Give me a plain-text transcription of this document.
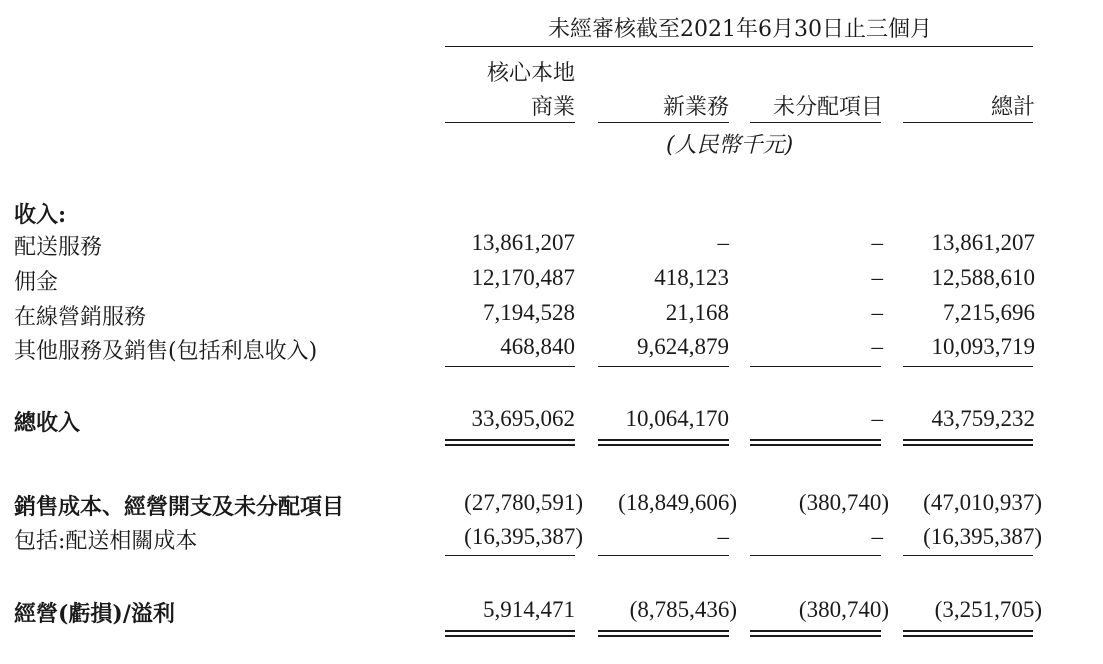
未經審核截至2021年6月30日止三個月
核心本地
商業	新業務 未分配項目	總計
(人民幣千元)
收入:
配送服務	13,861,207	–	– 13,861,207
佣金	12,170,487	418,123	– 12,588,610
在線營銷服務	7,194,528	21,168	–	7,215,696
其他服務及銷售(包括利息收入)	468,840	9,624,879	– 10,093,719
總收入	33,695,062 10,064,170	– 43,759,232
銷售成本、經營開支及未分配項目	(27,780,591) (18,849,606)	(380,740) (47,010,937)
包括:配送相關成本	(16,395,387)	–	– (16,395,387)
經營(虧損)/溢利	5,914,471 (8,785,436)	(380,740) (3,251,705)
